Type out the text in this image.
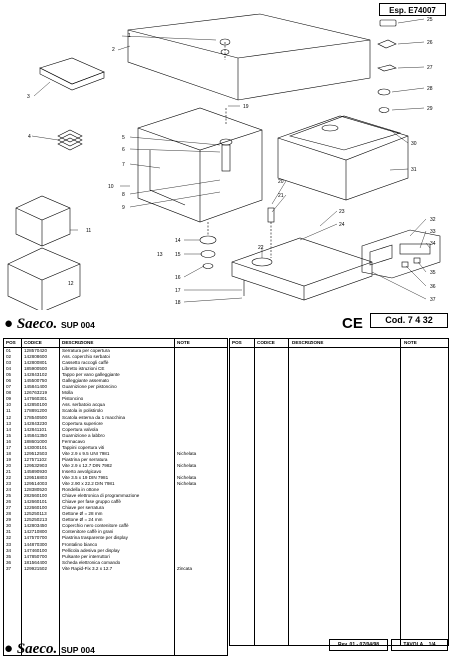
Esp. E74007
1
2
3
4	5
6
7
8
9
10
11
12
13
14
15
16
17
18
19
20
21
22
23
24
25
26
27
28
29
30
31
32
33
34
35
36
37
● Saeco. SUP 004	CE	Cod. 7 4 32
POS	CODICE	DESCRIZIONE	NOTE
01	128570420	Serratura per copertura	
02	142808600	Ass. coperchio serbatoi	
03	142800801	Cassetto raccogli caffè	
04	185900500	Libretto istruzioni CE	
05	142843102	Tappo per vano galleggiante	
06	145500750	Galleggiante assemato	
07	145841400	Guarnizione per pistoncino	
08	126763219	Molla	
09	147660301	Pistoncino	
10	142850100	Ass. serbatoio acqua	
11	178891200	Scatola in polistirolo	
12	178540500	Scatola esterna da 1 macchina	
13	142843230	Copertura superiore	
14	142841101	Copertura valvola	
15	145841350	Guarnizione a labbro	
16	188601000	Fermacavo	
17	143000101	Tappini copertura viti	
18	129512503	Vite 2.9 x 9.5 UNI 7981	Nichelata
19	127571102	Piastrina per serratura	
20	129532903	Vite 2.9 x 12.7 DIN 7982	Nichelata
21	145890930	Inserto avvolgicavo	
22	129516803	Vite 3.5 x 19 DIN 7981	Nichelata
23	129514003	Vite 2.90 x 22.2 DIN 7981	Nichelata
24	128380520	Rondella in ottone	
25	282660100	Chiave elettronica di programmazione	
26	142660101	Chiave per fase gruppo caffè	
27	122660100	Chiave per serratura	
28	125250113	Gettone Ø = 28 mm	
29	125250213	Gettone Ø = 24 mm	
30	142803450	Coperchio nero contenitore caffè	
31	142710800	Contenitore caffè in grani	
32	147570700	Piastrina trasparente per display	
33	144870300	Frontalino bianco	
34	147460100	Pellicola adesiva per display	
35	147850700	Pulsante per interruttori	
36	181564400	Scheda elettronica comando	
37	129921502	Vite Rapid-Fix 3.2 x 12.7	Zincata
POS	CODICE	DESCRIZIONE	NOTE
● Saeco. SUP 004	Rev. 01 - 07/04/98	TAVOLA 1/4
